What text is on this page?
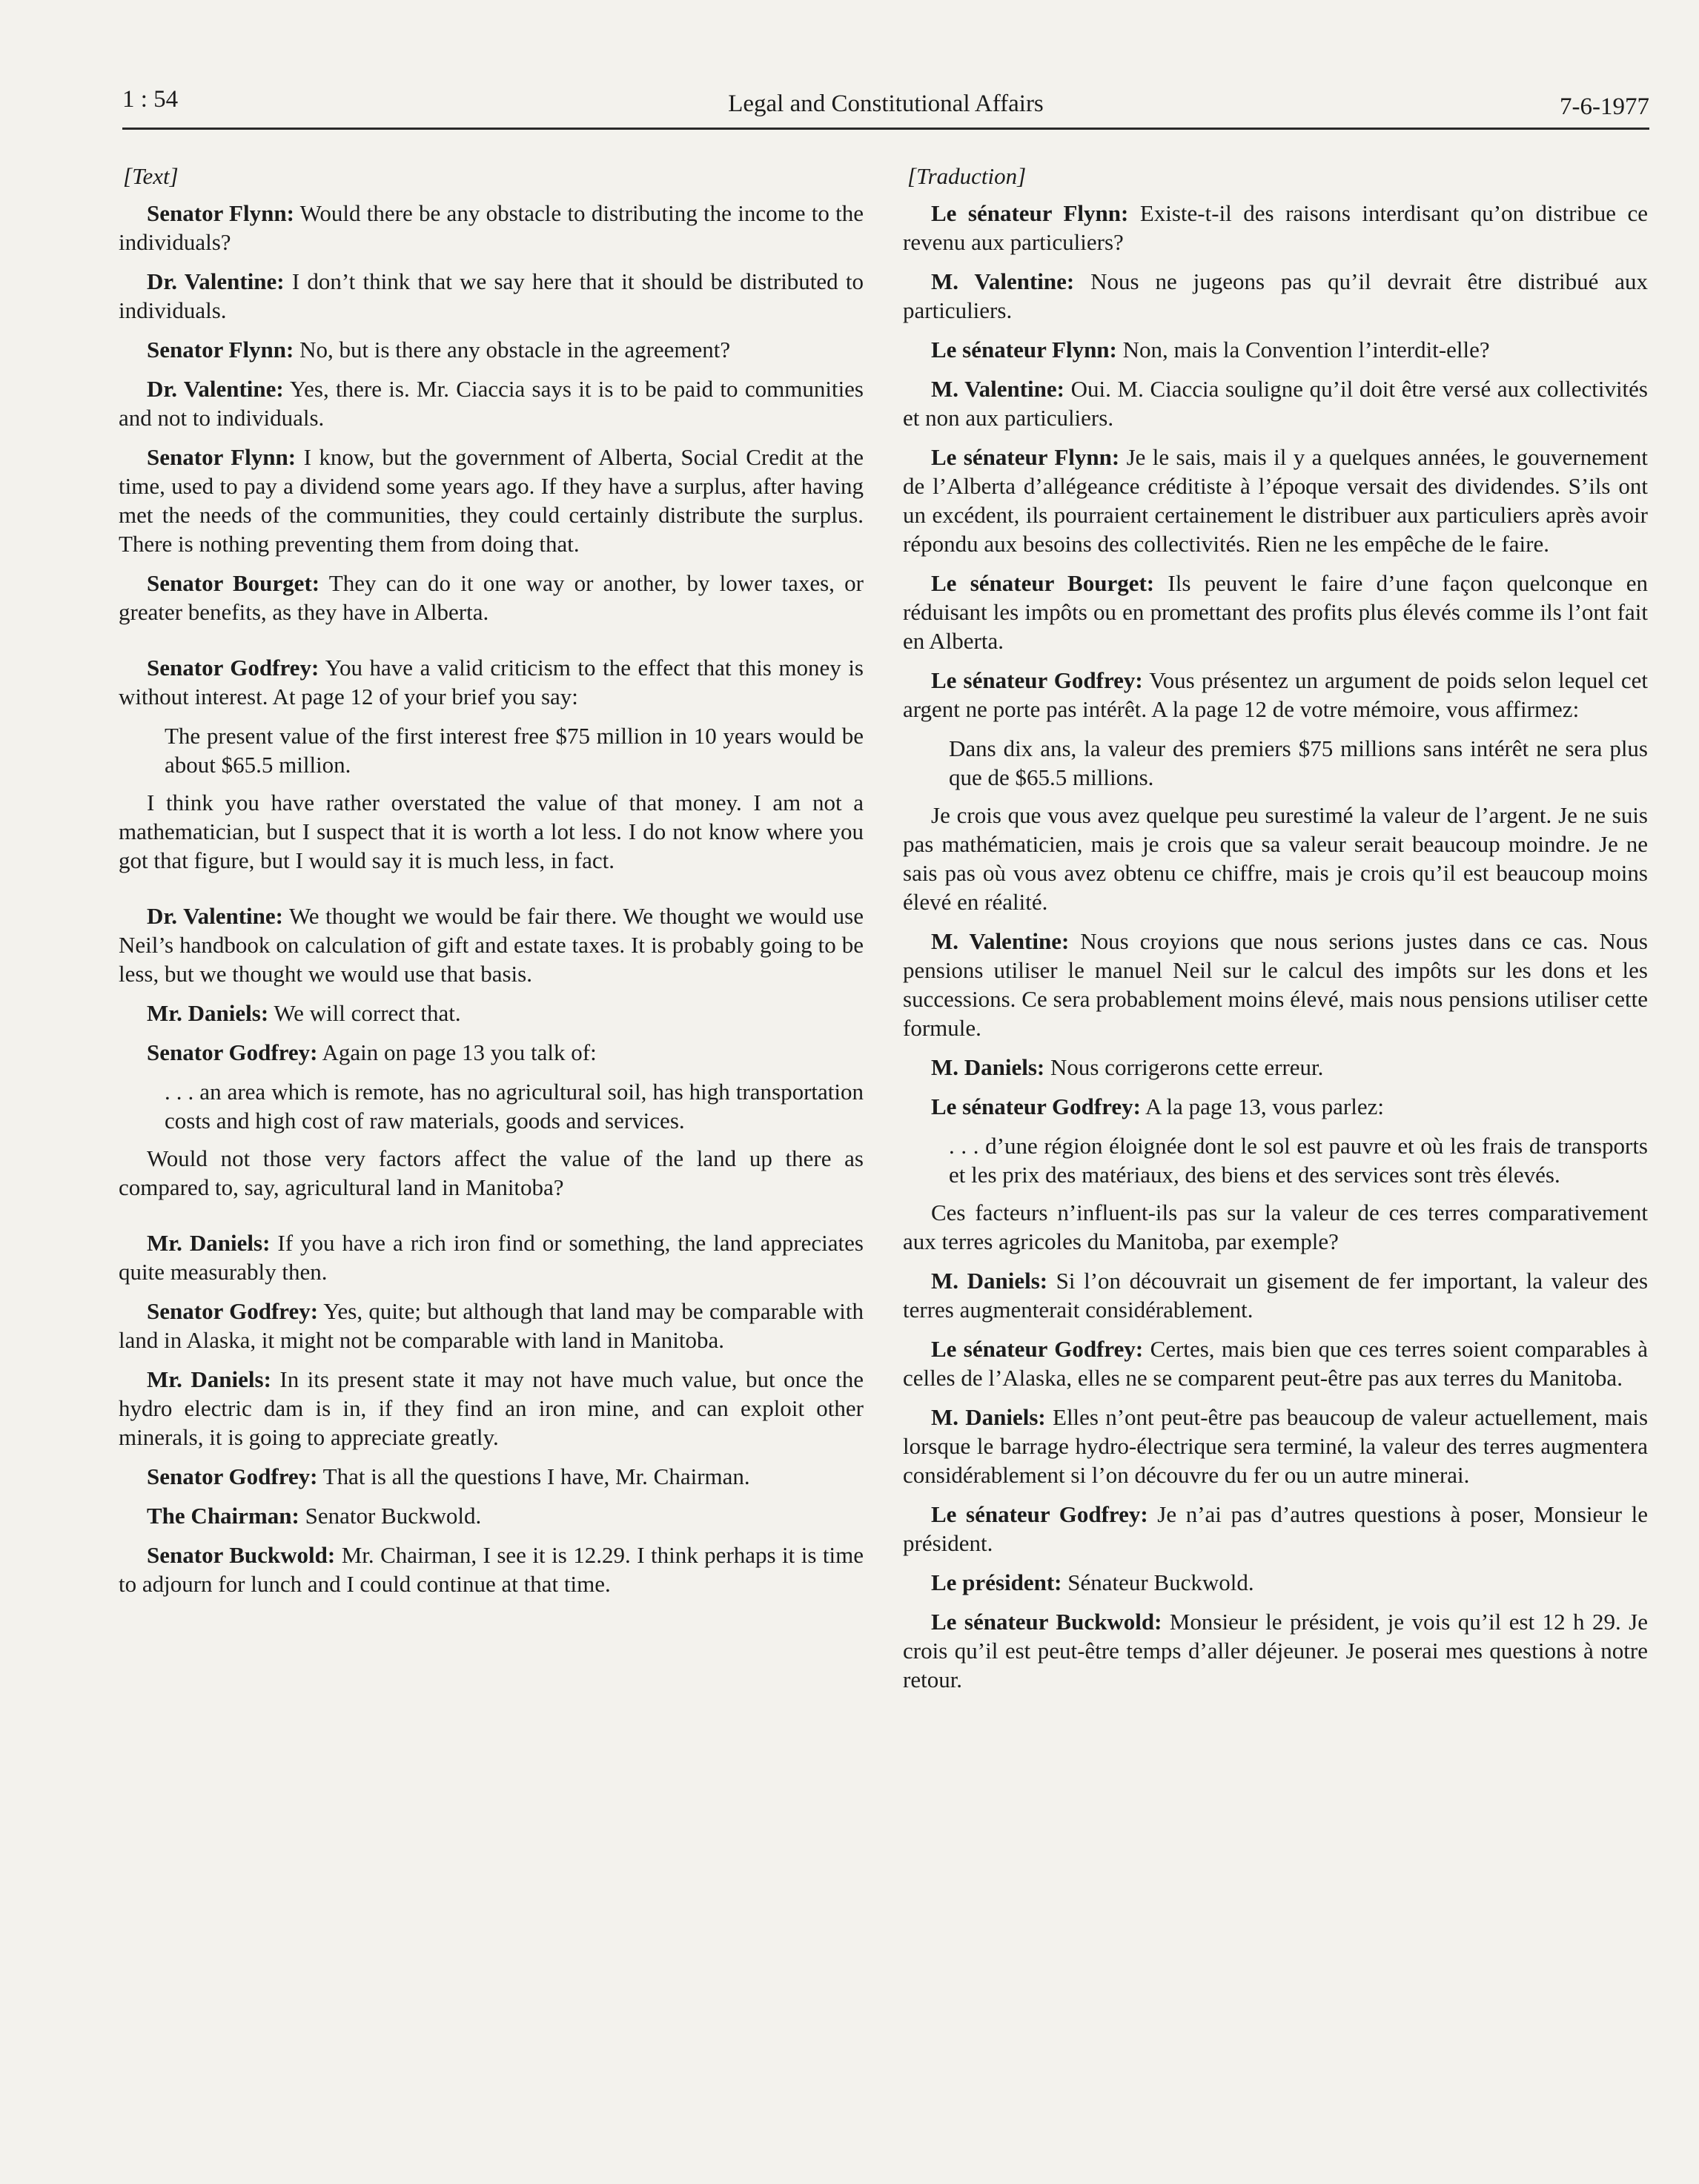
1 : 54	Legal and Constitutional Affairs	7-6-1977
[Text]

Senator Flynn: Would there be any obstacle to distributing the income to the individuals?

Dr. Valentine: I don’t think that we say here that it should be distributed to individuals.

Senator Flynn: No, but is there any obstacle in the agreement?

Dr. Valentine: Yes, there is. Mr. Ciaccia says it is to be paid to communities and not to individuals.

Senator Flynn: I know, but the government of Alberta, Social Credit at the time, used to pay a dividend some years ago. If they have a surplus, after having met the needs of the communities, they could certainly distribute the surplus. There is nothing preventing them from doing that.

Senator Bourget: They can do it one way or another, by lower taxes, or greater benefits, as they have in Alberta.

Senator Godfrey: You have a valid criticism to the effect that this money is without interest. At page 12 of your brief you say:

The present value of the first interest free $75 million in 10 years would be about $65.5 million.

I think you have rather overstated the value of that money. I am not a mathematician, but I suspect that it is worth a lot less. I do not know where you got that figure, but I would say it is much less, in fact.

Dr. Valentine: We thought we would be fair there. We thought we would use Neil’s handbook on calculation of gift and estate taxes. It is probably going to be less, but we thought we would use that basis.

Mr. Daniels: We will correct that.

Senator Godfrey: Again on page 13 you talk of:

. . . an area which is remote, has no agricultural soil, has high transportation costs and high cost of raw materials, goods and services.

Would not those very factors affect the value of the land up there as compared to, say, agricultural land in Manitoba?

Mr. Daniels: If you have a rich iron find or something, the land appreciates quite measurably then.

Senator Godfrey: Yes, quite; but although that land may be comparable with land in Alaska, it might not be comparable with land in Manitoba.

Mr. Daniels: In its present state it may not have much value, but once the hydro electric dam is in, if they find an iron mine, and can exploit other minerals, it is going to appreciate greatly.

Senator Godfrey: That is all the questions I have, Mr. Chairman.

The Chairman: Senator Buckwold.

Senator Buckwold: Mr. Chairman, I see it is 12.29. I think perhaps it is time to adjourn for lunch and I could continue at that time.

[Traduction]

Le sénateur Flynn: Existe-t-il des raisons interdisant qu’on distribue ce revenu aux particuliers?

M. Valentine: Nous ne jugeons pas qu’il devrait être distribué aux particuliers.

Le sénateur Flynn: Non, mais la Convention l’interdit-elle?

M. Valentine: Oui. M. Ciaccia souligne qu’il doit être versé aux collectivités et non aux particuliers.

Le sénateur Flynn: Je le sais, mais il y a quelques années, le gouvernement de l’Alberta d’allégeance créditiste à l’époque versait des dividendes. S’ils ont un excédent, ils pourraient certainement le distribuer aux particuliers après avoir répondu aux besoins des collectivités. Rien ne les empêche de le faire.

Le sénateur Bourget: Ils peuvent le faire d’une façon quelconque en réduisant les impôts ou en promettant des profits plus élevés comme ils l’ont fait en Alberta.

Le sénateur Godfrey: Vous présentez un argument de poids selon lequel cet argent ne porte pas intérêt. A la page 12 de votre mémoire, vous affirmez:

Dans dix ans, la valeur des premiers $75 millions sans intérêt ne sera plus que de $65.5 millions.

Je crois que vous avez quelque peu surestimé la valeur de l’argent. Je ne suis pas mathématicien, mais je crois que sa valeur serait beaucoup moindre. Je ne sais pas où vous avez obtenu ce chiffre, mais je crois qu’il est beaucoup moins élevé en réalité.

M. Valentine: Nous croyions que nous serions justes dans ce cas. Nous pensions utiliser le manuel Neil sur le calcul des impôts sur les dons et les successions. Ce sera probablement moins élevé, mais nous pensions utiliser cette formule.

M. Daniels: Nous corrigerons cette erreur.

Le sénateur Godfrey: A la page 13, vous parlez:

. . . d’une région éloignée dont le sol est pauvre et où les frais de transports et les prix des matériaux, des biens et des services sont très élevés.

Ces facteurs n’influent-ils pas sur la valeur de ces terres comparativement aux terres agricoles du Manitoba, par exemple?

M. Daniels: Si l’on découvrait un gisement de fer important, la valeur des terres augmenterait considérablement.

Le sénateur Godfrey: Certes, mais bien que ces terres soient comparables à celles de l’Alaska, elles ne se comparent peut-être pas aux terres du Manitoba.

M. Daniels: Elles n’ont peut-être pas beaucoup de valeur actuellement, mais lorsque le barrage hydro-électrique sera terminé, la valeur des terres augmentera considérablement si l’on découvre du fer ou un autre minerai.

Le sénateur Godfrey: Je n’ai pas d’autres questions à poser, Monsieur le président.

Le président: Sénateur Buckwold.

Le sénateur Buckwold: Monsieur le président, je vois qu’il est 12 h 29. Je crois qu’il est peut-être temps d’aller déjeuner. Je poserai mes questions à notre retour.
